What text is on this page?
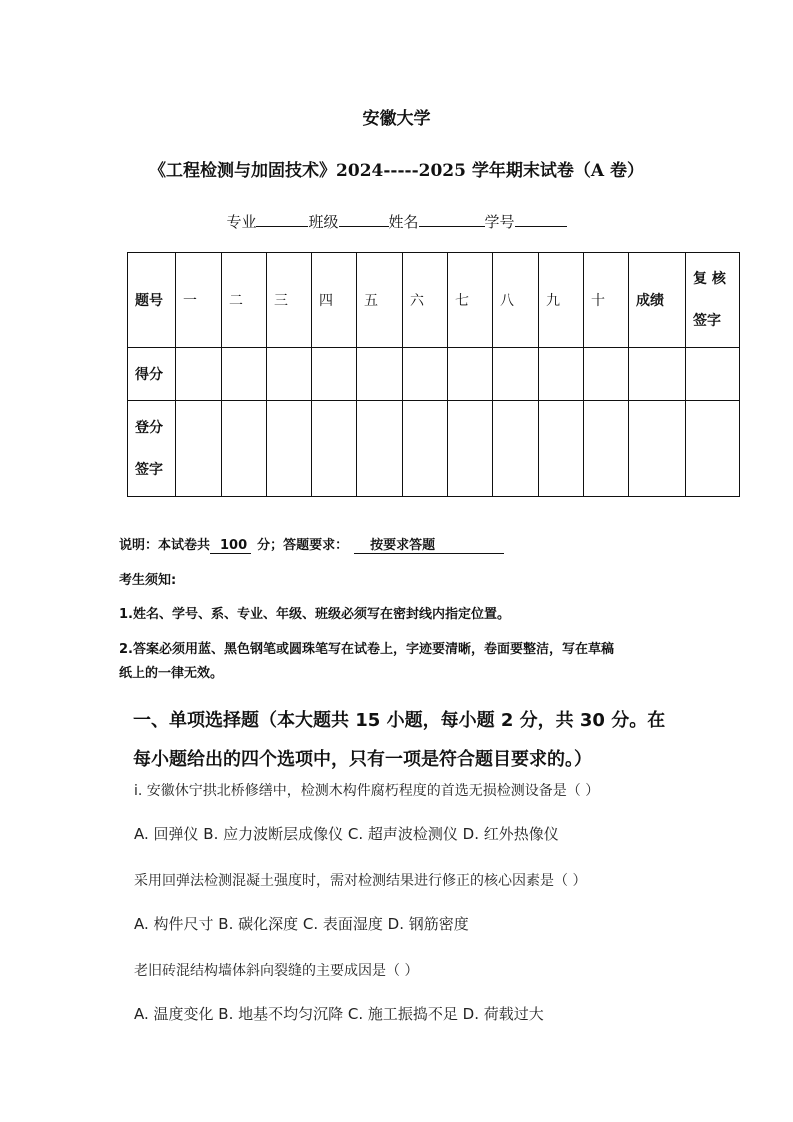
安徽大学
《工程检测与加固技术》2024-----2025 学年期末试卷（A 卷）
专业	班级	姓名	学号
题号	一	二	三	四	五	六	七	八	九	十	成绩	复 核
签字

得分												

登分
签字												

说明：本试卷共 100 分；答题要求： 按要求答题
考生须知:
1.姓名、学号、系、专业、年级、班级必须写在密封线内指定位置。
2.答案必须用蓝、黑色钢笔或圆珠笔写在试卷上，字迹要清晰，卷面要整洁，写在草稿
纸上的一律无效。
一、单项选择题（本大题共 15 小题，每小题 2 分，共 30 分。在
每小题给出的四个选项中，只有一项是符合题目要求的。）
i. 安徽休宁拱北桥修缮中，检测木构件腐朽程度的首选无损检测设备是（ ）
A. 回弹仪 B. 应力波断层成像仪 C. 超声波检测仪 D. 红外热像仪
采用回弹法检测混凝土强度时，需对检测结果进行修正的核心因素是（ ）
A. 构件尺寸 B. 碳化深度 C. 表面湿度 D. 钢筋密度
老旧砖混结构墙体斜向裂缝的主要成因是（ ）
A. 温度变化 B. 地基不均匀沉降 C. 施工振捣不足 D. 荷载过大
